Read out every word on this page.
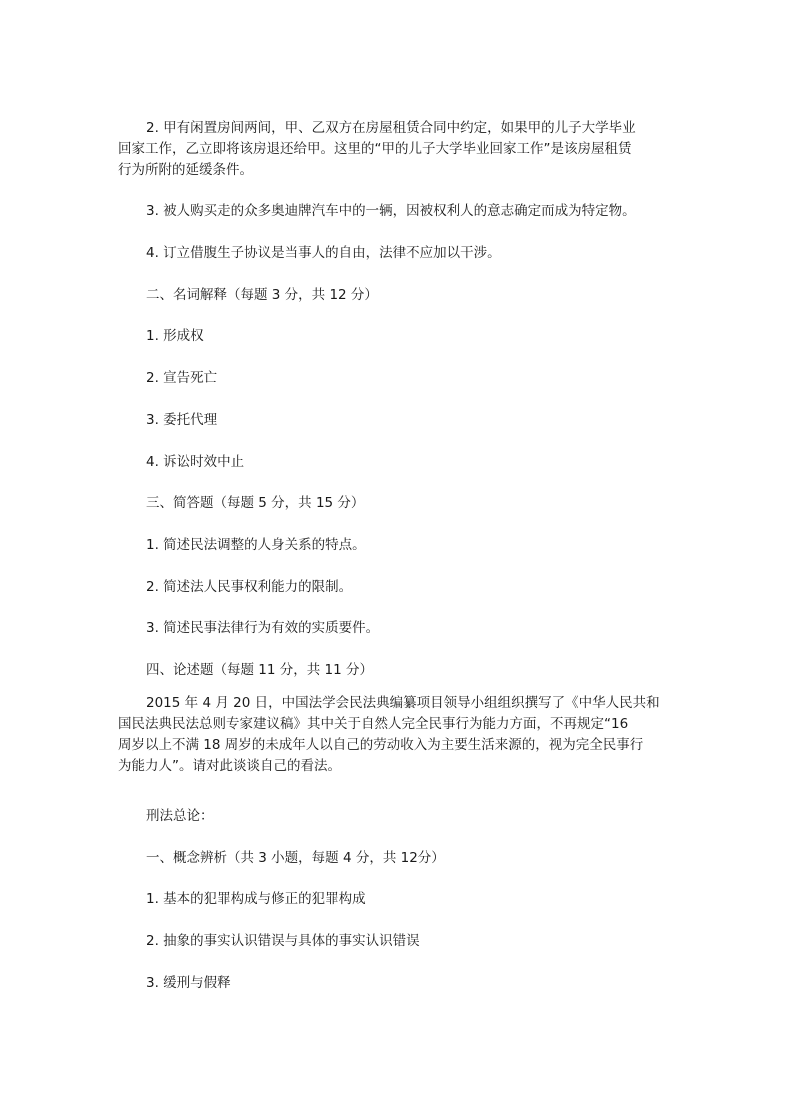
2. 甲有闲置房间两间，甲、乙双方在房屋租赁合同中约定，如果甲的儿子大学毕业
回家工作，乙立即将该房退还给甲。这里的“甲的儿子大学毕业回家工作”是该房屋租赁
行为所附的延缓条件。

3. 被人购买走的众多奥迪牌汽车中的一辆，因被权利人的意志确定而成为特定物。

4. 订立借腹生子协议是当事人的自由，法律不应加以干涉。

二、名词解释（每题 3 分，共 12 分）

1. 形成权

2. 宣告死亡

3. 委托代理

4. 诉讼时效中止

三、简答题（每题 5 分，共 15 分）

1. 简述民法调整的人身关系的特点。

2. 简述法人民事权利能力的限制。

3. 简述民事法律行为有效的实质要件。

四、论述题（每题 11 分，共 11 分）

2015 年 4 月 20 日，中国法学会民法典编纂项目领导小组组织撰写了《中华人民共和
国民法典民法总则专家建议稿》其中关于自然人完全民事行为能力方面，不再规定“16
周岁以上不满 18 周岁的未成年人以自己的劳动收入为主要生活来源的，视为完全民事行
为能力人”。请对此谈谈自己的看法。

刑法总论：

一、概念辨析（共 3 小题，每题 4 分，共 12分）

1. 基本的犯罪构成与修正的犯罪构成

2. 抽象的事实认识错误与具体的事实认识错误

3. 缓刑与假释
